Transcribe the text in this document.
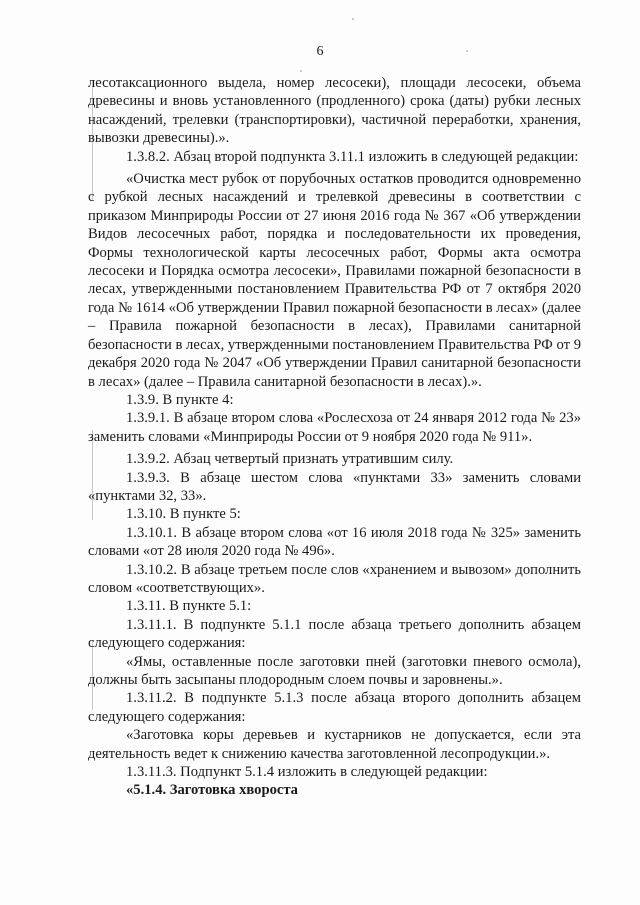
6

лесотаксационного выдела, номер лесосеки), площади лесосеки, объема древесины и вновь установленного (продленного) срока (даты) рубки лесных насаждений, трелевки (транспортировки), частичной переработки, хранения, вывозки древесины).».

1.3.8.2. Абзац второй подпункта 3.11.1 изложить в следующей редакции:

«Очистка мест рубок от порубочных остатков проводится одновременно с рубкой лесных насаждений и трелевкой древесины в соответствии с приказом Минприроды России от 27 июня 2016 года № 367 «Об утверждении Видов лесосечных работ, порядка и последовательности их проведения, Формы технологической карты лесосечных работ, Формы акта осмотра лесосеки и Порядка осмотра лесосеки», Правилами пожарной безопасности в лесах, утвержденными постановлением Правительства РФ от 7 октября 2020 года № 1614 «Об утверждении Правил пожарной безопасности в лесах» (далее – Правила пожарной безопасности в лесах), Правилами санитарной безопасности в лесах, утвержденными постановлением Правительства РФ от 9 декабря 2020 года № 2047 «Об утверждении Правил санитарной безопасности в лесах» (далее – Правила санитарной безопасности в лесах).».

1.3.9. В пункте 4:

1.3.9.1. В абзаце втором слова «Рослесхоза от 24 января 2012 года № 23» заменить словами «Минприроды России от 9 ноября 2020 года № 911».

1.3.9.2. Абзац четвертый признать утратившим силу.

1.3.9.3. В абзаце шестом слова «пунктами 33» заменить словами «пунктами 32, 33».

1.3.10. В пункте 5:

1.3.10.1. В абзаце втором слова «от 16 июля 2018 года № 325» заменить словами «от 28 июля 2020 года № 496».

1.3.10.2. В абзаце третьем после слов «хранением и вывозом» дополнить словом «соответствующих».

1.3.11. В пункте 5.1:

1.3.11.1. В подпункте 5.1.1 после абзаца третьего дополнить абзацем следующего содержания:

«Ямы, оставленные после заготовки пней (заготовки пневого осмола), должны быть засыпаны плодородным слоем почвы и заровнены.».

1.3.11.2. В подпункте 5.1.3 после абзаца второго дополнить абзацем следующего содержания:

«Заготовка коры деревьев и кустарников не допускается, если эта деятельность ведет к снижению качества заготовленной лесопродукции.».

1.3.11.3. Подпункт 5.1.4 изложить в следующей редакции:

«5.1.4. Заготовка хвороста
